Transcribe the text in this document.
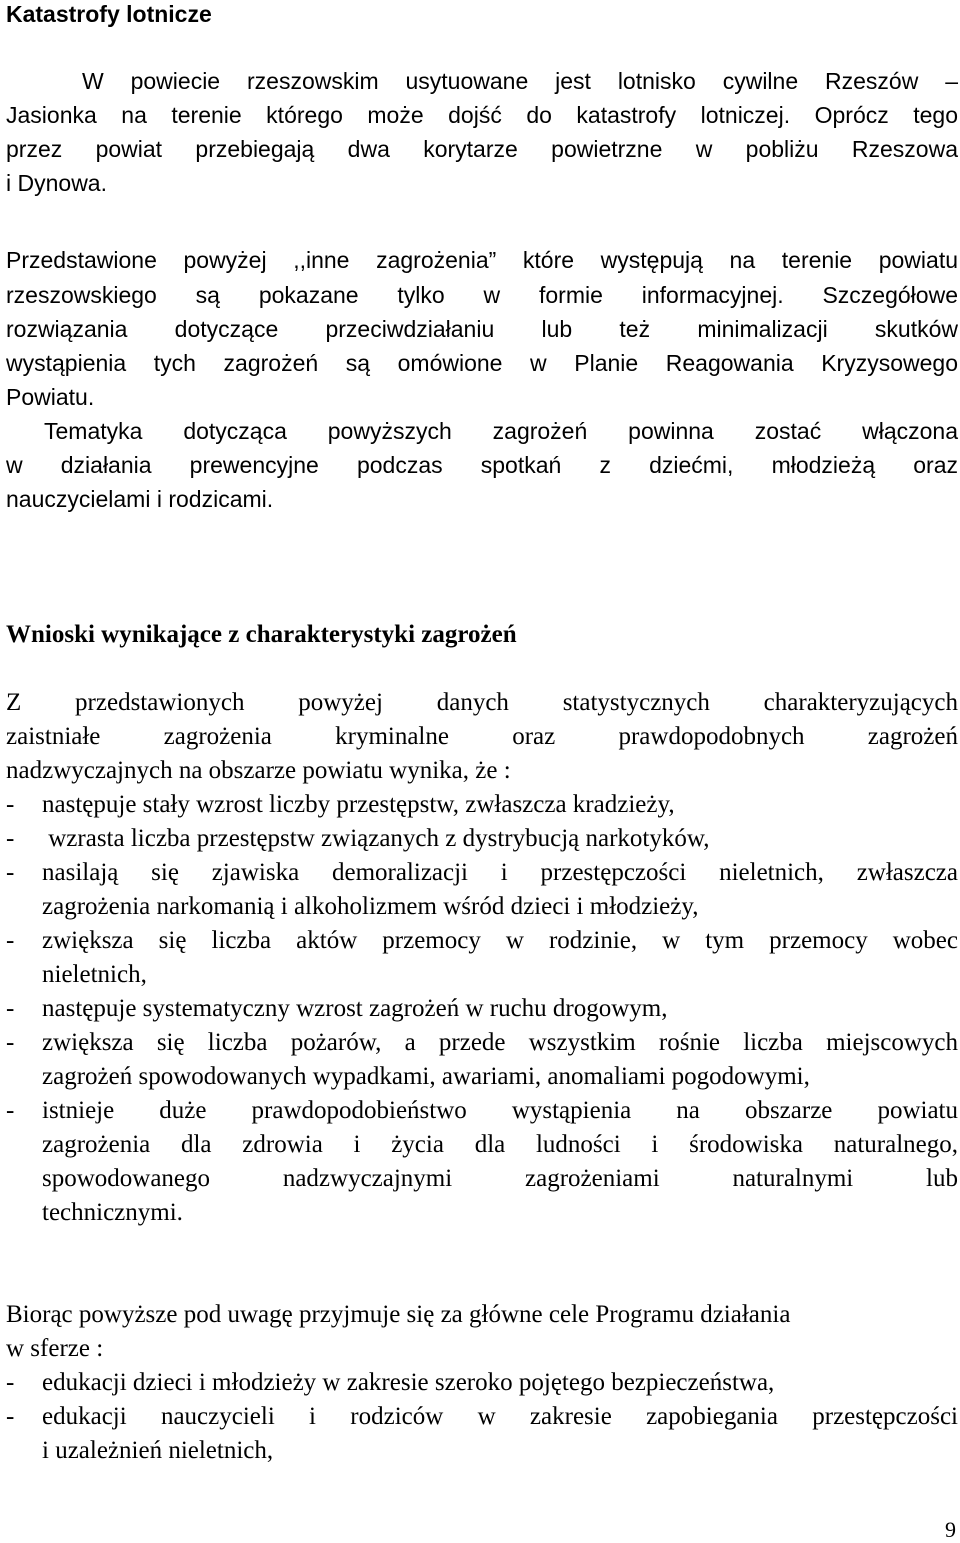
Katastrofy lotnicze
W powiecie rzeszowskim usytuowane jest lotnisko cywilne Rzeszów –
Jasionka na terenie którego może dojść do katastrofy lotniczej. Oprócz tego
przez powiat przebiegają dwa korytarze powietrzne w pobliżu Rzeszowa
i Dynowa.
Przedstawione powyżej ,,inne zagrożenia” które występują na terenie powiatu
rzeszowskiego są pokazane tylko w formie informacyjnej. Szczegółowe
rozwiązania dotyczące przeciwdziałaniu lub też minimalizacji skutków
wystąpienia tych zagrożeń są omówione w Planie Reagowania Kryzysowego
Powiatu.
Tematyka dotycząca powyższych zagrożeń powinna zostać włączona
w działania prewencyjne podczas spotkań z dziećmi, młodzieżą oraz
nauczycielami i rodzicami.
Wnioski wynikające z charakterystyki zagrożeń
Z przedstawionych powyżej danych statystycznych charakteryzujących
zaistniałe zagrożenia kryminalne oraz prawdopodobnych zagrożeń
nadzwyczajnych na obszarze powiatu wynika, że :
-	następuje stały wzrost liczby przestępstw, zwłaszcza kradzieży,
-	wzrasta liczba przestępstw związanych z dystrybucją narkotyków,
-	nasilają się zjawiska demoralizacji i przestępczości nieletnich, zwłaszcza
zagrożenia narkomanią i alkoholizmem wśród dzieci i młodzieży,
-	zwiększa się liczba aktów przemocy w rodzinie, w tym przemocy wobec
nieletnich,
-	następuje systematyczny wzrost zagrożeń w ruchu drogowym,
-	zwiększa się liczba pożarów, a przede wszystkim rośnie liczba miejscowych
zagrożeń spowodowanych wypadkami, awariami, anomaliami pogodowymi,
-	istnieje duże prawdopodobieństwo wystąpienia na obszarze powiatu
zagrożenia dla zdrowia i życia dla ludności i środowiska naturalnego,
spowodowanego nadzwyczajnymi zagrożeniami naturalnymi lub
technicznymi.
Biorąc powyższe pod uwagę przyjmuje się za główne cele Programu działania
w sferze :
-	edukacji dzieci i młodzieży w zakresie szeroko pojętego bezpieczeństwa,
-	edukacji nauczycieli i rodziców w zakresie zapobiegania przestępczości
i uzależnień nieletnich,
9
